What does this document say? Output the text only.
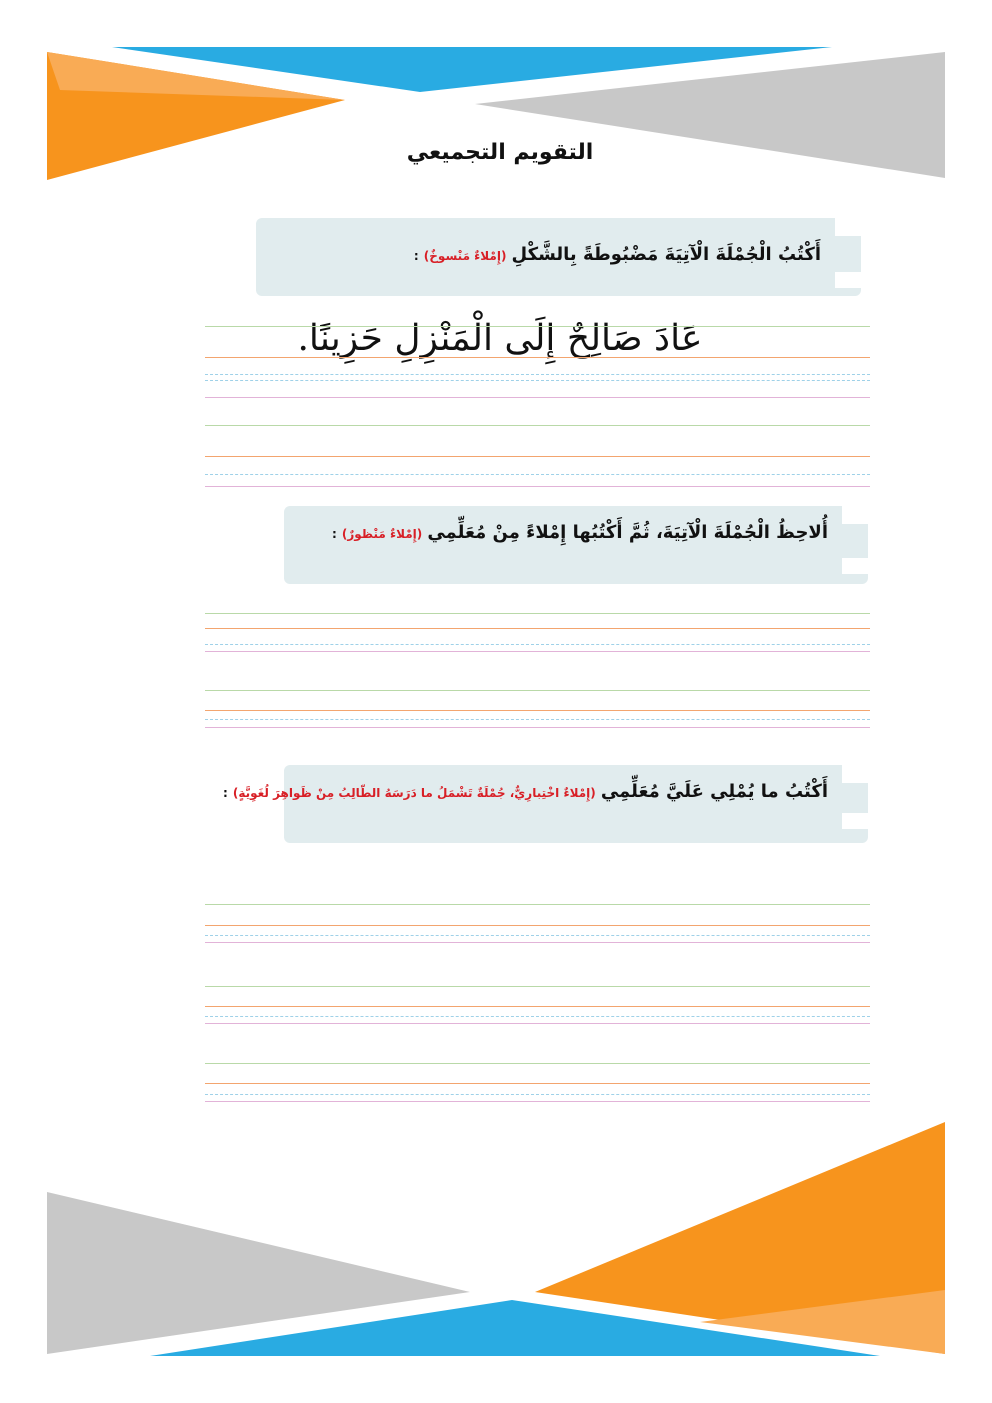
التقويم التجميعي
أَكْتُبُ الْجُمْلَةَ الْآتِيَةَ مَضْبُوطَةً بِالشَّكْلِ (إِمْلاءٌ مَنْسوخٌ) :
عَادَ صَالِحٌ إِلَى الْمَنْزِلِ حَزِينًا.
أُلاحِظُ الْجُمْلَةَ الْآتِيَةَ، ثُمَّ أَكْتُبُها إِمْلاءً مِنْ مُعَلِّمِي (إِمْلاءٌ مَنْظورٌ) :
أَكْتُبُ ما يُمْلِي عَلَيَّ مُعَلِّمِي (إِمْلاءٌ اخْتِبارِيٌّ، جُمْلَةٌ تَشْمَلُ ما دَرَسَهُ الطّالِبُ مِنْ ظَواهِرَ لُغَوِيَّةٍ) :
